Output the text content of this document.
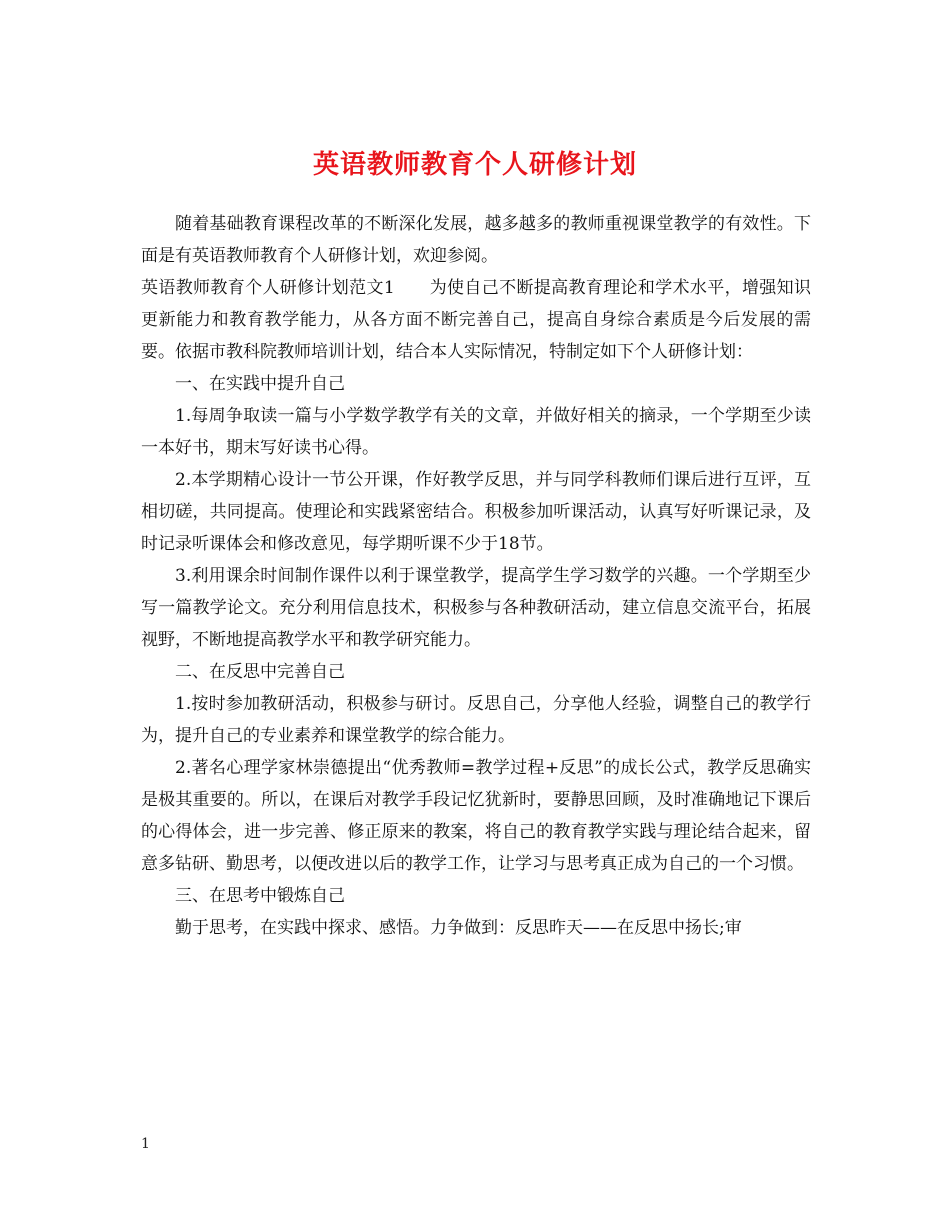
英语教师教育个人研修计划

随着基础教育课程改革的不断深化发展，越多越多的教师重视课堂教学的有效性。下面是有英语教师教育个人研修计划，欢迎参阅。

英语教师教育个人研修计划范文1　　为使自己不断提高教育理论和学术水平，增强知识更新能力和教育教学能力，从各方面不断完善自己，提高自身综合素质是今后发展的需要。依据市教科院教师培训计划，结合本人实际情况，特制定如下个人研修计划：

一、在实践中提升自己

1.每周争取读一篇与小学数学教学有关的文章，并做好相关的摘录，一个学期至少读一本好书，期末写好读书心得。

2.本学期精心设计一节公开课，作好教学反思，并与同学科教师们课后进行互评，互相切磋，共同提高。使理论和实践紧密结合。积极参加听课活动，认真写好听课记录，及时记录听课体会和修改意见，每学期听课不少于18节。

3.利用课余时间制作课件以利于课堂教学，提高学生学习数学的兴趣。一个学期至少写一篇教学论文。充分利用信息技术，积极参与各种教研活动，建立信息交流平台，拓展视野，不断地提高教学水平和教学研究能力。

二、在反思中完善自己

1.按时参加教研活动，积极参与研讨。反思自己，分享他人经验，调整自己的教学行为，提升自己的专业素养和课堂教学的综合能力。

2.著名心理学家林崇德提出“优秀教师=教学过程+反思”的成长公式，教学反思确实是极其重要的。所以，在课后对教学手段记忆犹新时，要静思回顾，及时准确地记下课后的心得体会，进一步完善、修正原来的教案，将自己的教育教学实践与理论结合起来，留意多钻研、勤思考，以便改进以后的教学工作，让学习与思考真正成为自己的一个习惯。

三、在思考中锻炼自己

勤于思考，在实践中探求、感悟。力争做到：反思昨天——在反思中扬长;审

1
